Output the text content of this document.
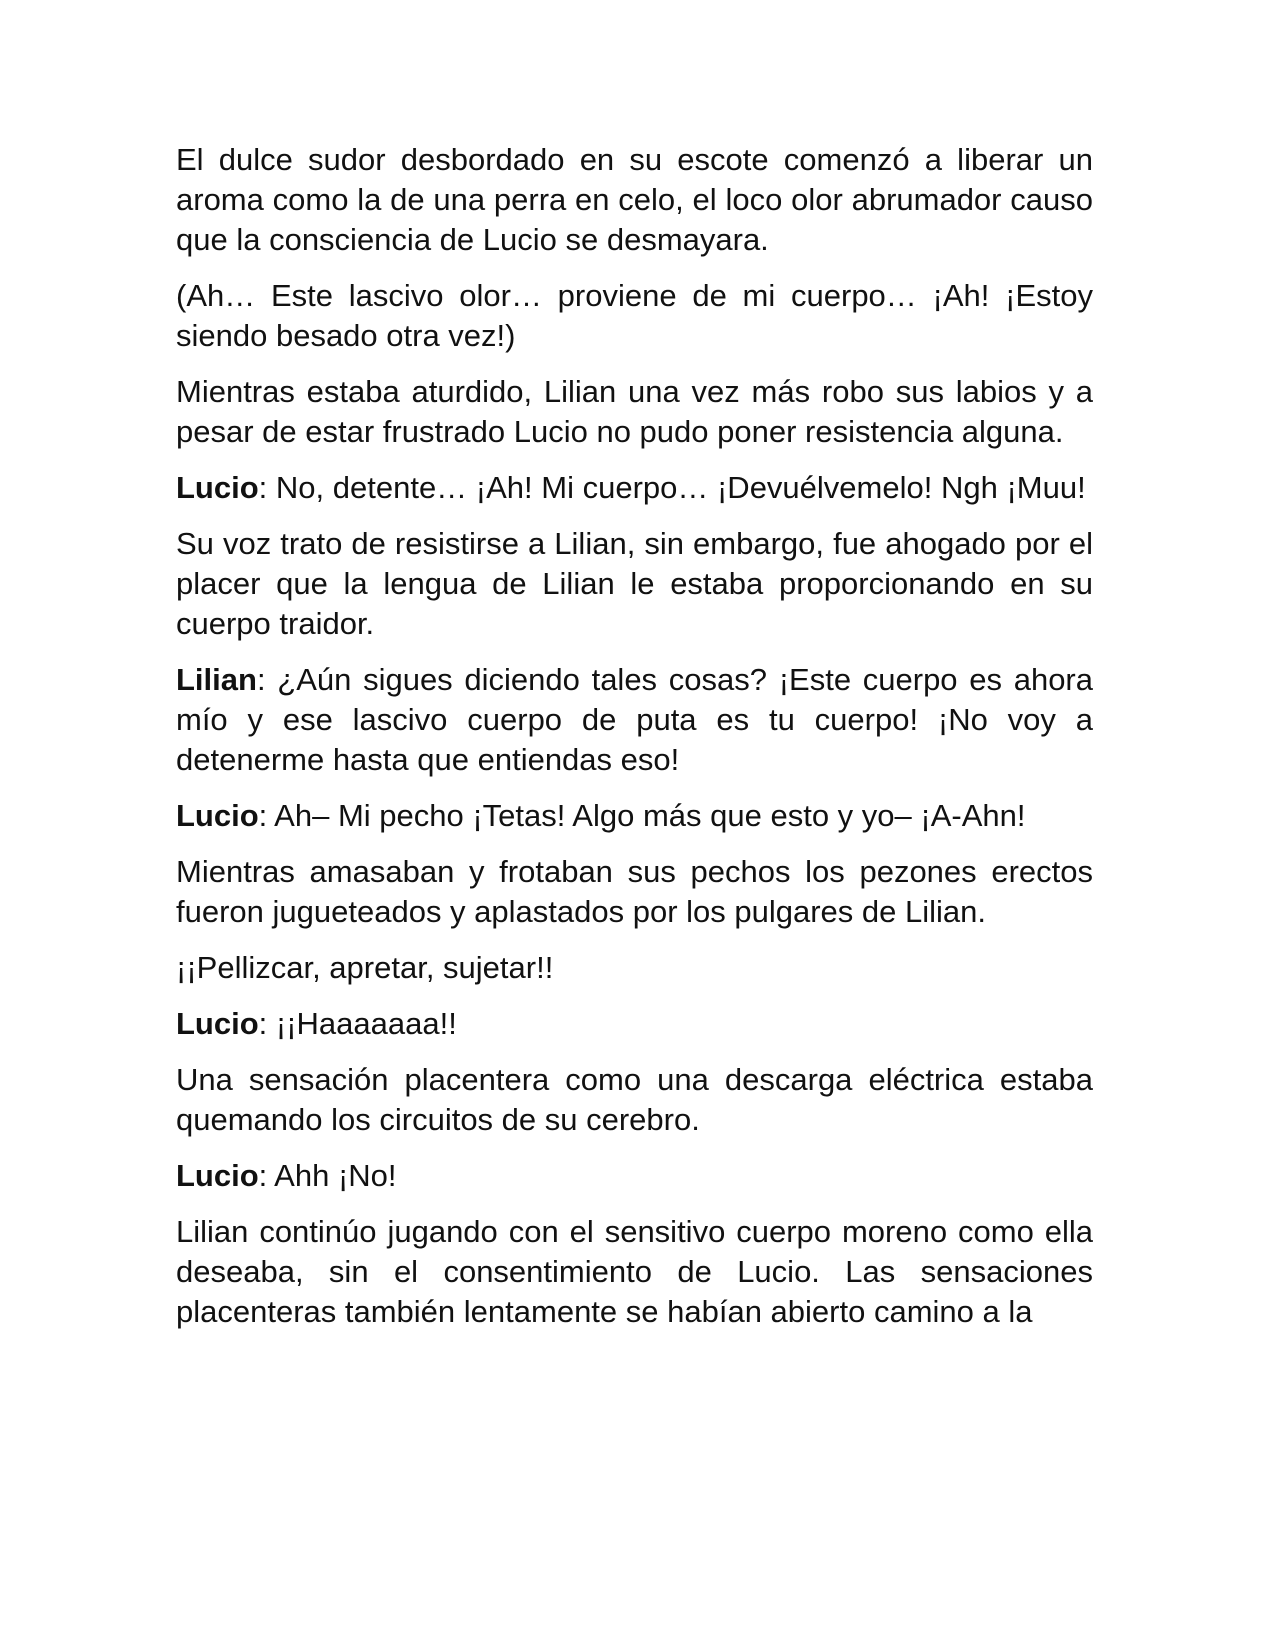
El dulce sudor desbordado en su escote comenzó a liberar un aroma como la de una perra en celo, el loco olor abrumador causo que la consciencia de Lucio se desmayara.

(Ah… Este lascivo olor… proviene de mi cuerpo… ¡Ah! ¡Estoy siendo besado otra vez!)

Mientras estaba aturdido, Lilian una vez más robo sus labios y a pesar de estar frustrado Lucio no pudo poner resistencia alguna.

Lucio: No, detente… ¡Ah! Mi cuerpo… ¡Devuélvemelo! Ngh ¡Muu!

Su voz trato de resistirse a Lilian, sin embargo, fue ahogado por el placer que la lengua de Lilian le estaba proporcionando en su cuerpo traidor.

Lilian: ¿Aún sigues diciendo tales cosas? ¡Este cuerpo es ahora mío y ese lascivo cuerpo de puta es tu cuerpo! ¡No voy a detenerme hasta que entiendas eso!

Lucio: Ah– Mi pecho ¡Tetas! Algo más que esto y yo– ¡A-Ahn!

Mientras amasaban y frotaban sus pechos los pezones erectos fueron jugueteados y aplastados por los pulgares de Lilian.

¡¡Pellizcar, apretar, sujetar!!

Lucio: ¡¡Haaaaaaa!!

Una sensación placentera como una descarga eléctrica estaba quemando los circuitos de su cerebro.

Lucio: Ahh ¡No!

Lilian continúo jugando con el sensitivo cuerpo moreno como ella deseaba, sin el consentimiento de Lucio. Las sensaciones placenteras también lentamente se habían abierto camino a la
